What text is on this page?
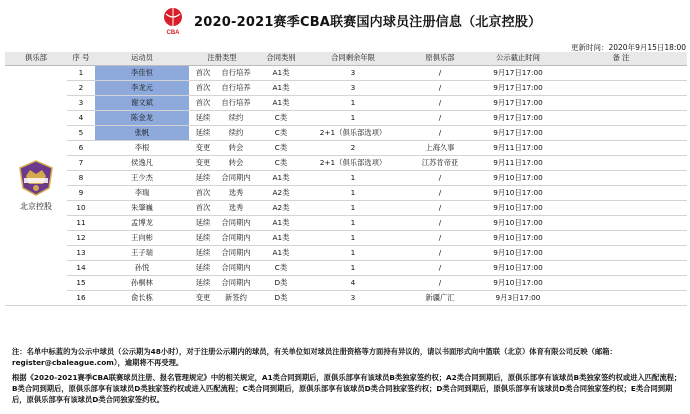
CBA
2020-2021赛季CBA联赛国内球员注册信息（北京控股）
更新时间：2020年9月15日18:00
俱乐部	序 号	运动员	注册类型		合同类别	合同剩余年限	原俱乐部	公示截止时间	备 注

北京控股	1	李佳恒	首次	自行培养	A1类	3	/	9月17日17:00	
	2	李龙元	首次	自行培养	A1类	3	/	9月17日17:00	
	3	谢文斌	首次	自行培养	A1类	1	/	9月17日17:00	
	4	陈金龙	延续	续约	C类	1	/	9月17日17:00	
	5	张帆	延续	续约	C类	2+1（俱乐部选项）	/	9月17日17:00	
	6	李根	变更	转会	C类	2	上海久事	9月11日17:00	
	7	侯逸凡	变更	转会	C类	2+1（俱乐部选项）	江苏肯帝亚	9月11日17:00	
	8	王少杰	延续	合同期内	A1类	1	/	9月10日17:00	
	9	李瑞	首次	选秀	A2类	1	/	9月10日17:00	
	10	朱肇巍	首次	选秀	A2类	1	/	9月10日17:00	
	11	孟博龙	延续	合同期内	A1类	1	/	9月10日17:00	
	12	王向彬	延续	合同期内	A1类	1	/	9月10日17:00	
	13	王子瑞	延续	合同期内	A1类	1	/	9月10日17:00	
	14	孙悦	延续	合同期内	C类	1	/	9月10日17:00	
	15	孙桐林	延续	合同期内	D类	4	/	9月10日17:00	
	16	俞长栋	变更	新签约	D类	3	新疆广汇	9月3日17:00	

注：名单中标蓝的为公示中球员（公示期为48小时），对于注册公示期内的球员，有关单位如对球员注册资格等方面持有异议的，请以书面形式向中篮联（北京）体育有限公司反映（邮箱：register@cbaleague.com），逾期将不再受理。

根据《2020-2021赛季CBA联赛球员注册、报名管理规定》中的相关规定，A1类合同到期后，原俱乐部享有该球员B类独家签约权；A2类合同到期后，原俱乐部享有该球员B类独家签约权或进入匹配流程；B类合同到期后，原俱乐部享有该球员D类独家签约权或进入匹配流程；C类合同到期后，原俱乐部享有该球员D类合同独家签约权；D类合同到期后，原俱乐部享有该球员D类合同独家签约权；E类合同到期后，原俱乐部享有该球员D类合同独家签约权。
